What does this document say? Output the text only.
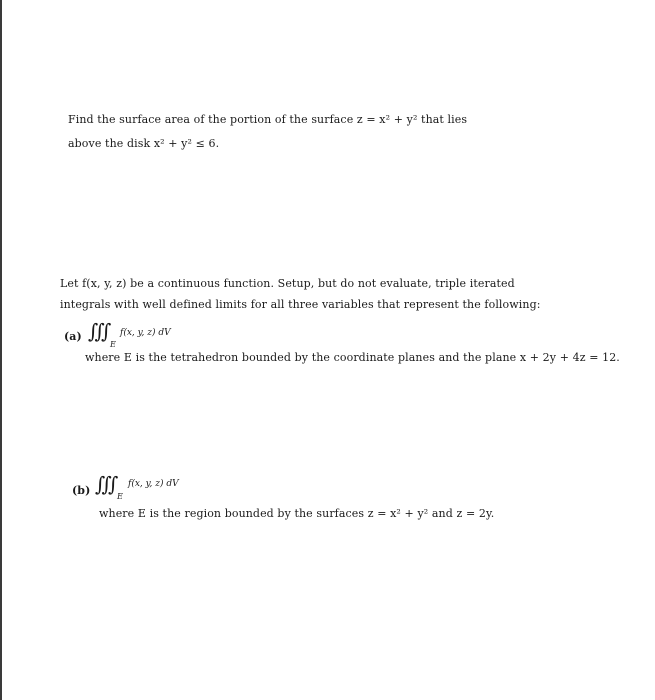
Find the surface area of the portion of the surface z = x² + y² that lies
above the disk x² + y² ≤ 6.
Let f(x, y, z) be a continuous function. Setup, but do not evaluate, triple iterated
integrals with well defined limits for all three variables that represent the following:
(a) ∭
E
f(x, y, z) dV
where E is the tetrahedron bounded by the coordinate planes and the plane x + 2y + 4z = 12.
(b) ∭
E
f(x, y, z) dV
where E is the region bounded by the surfaces z = x² + y² and z = 2y.
